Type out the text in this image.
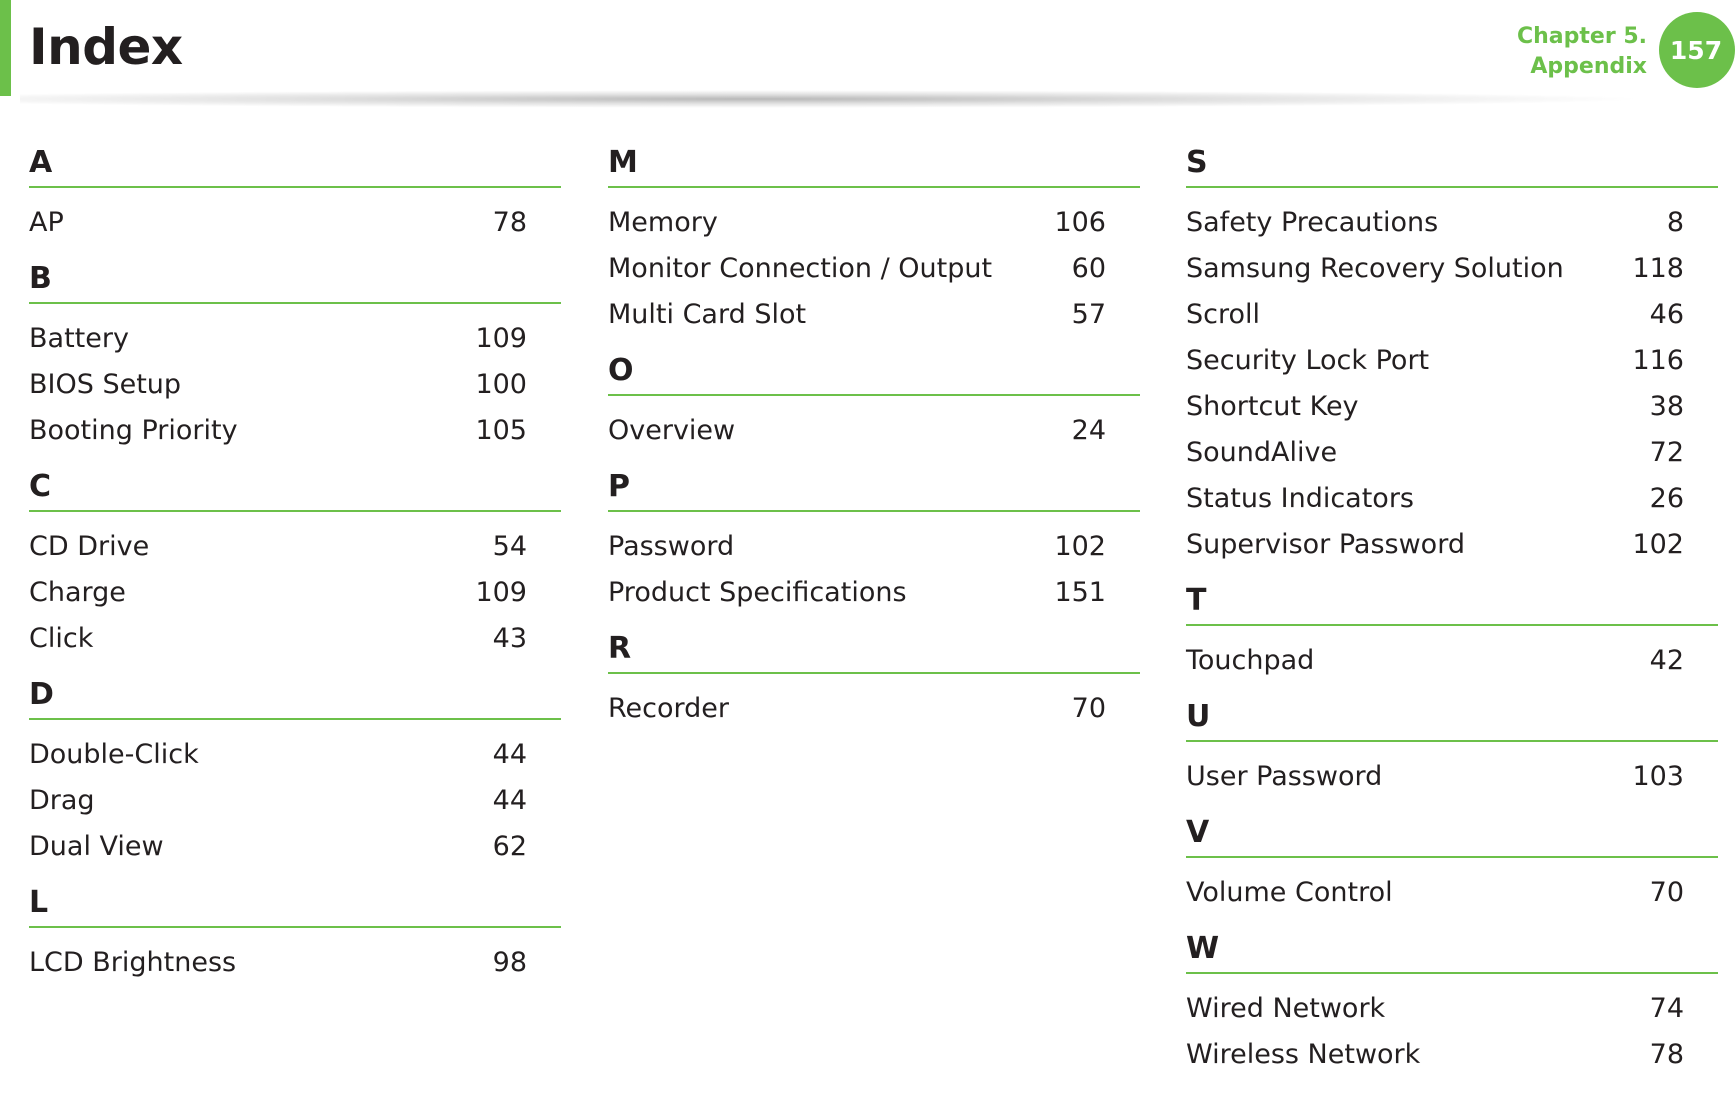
Index	Chapter 5.
Appendix
157
A
AP	78
B
Battery	109
BIOS Setup	100
Booting Priority	105
C
CD Drive	54
Charge	109
Click	43
D
Double-Click	44
Drag	44
Dual View	62
L
LCD Brightness	98
M
Memory	106
Monitor Connection / Output	60
Multi Card Slot	57
O
Overview	24
P
Password	102
Product Specifications	151
R
Recorder	70
S
Safety Precautions	8
Samsung Recovery Solution	118
Scroll	46
Security Lock Port	116
Shortcut Key	38
SoundAlive	72
Status Indicators	26
Supervisor Password	102
T
Touchpad	42
U
User Password	103
V
Volume Control	70
W
Wired Network	74
Wireless Network	78
